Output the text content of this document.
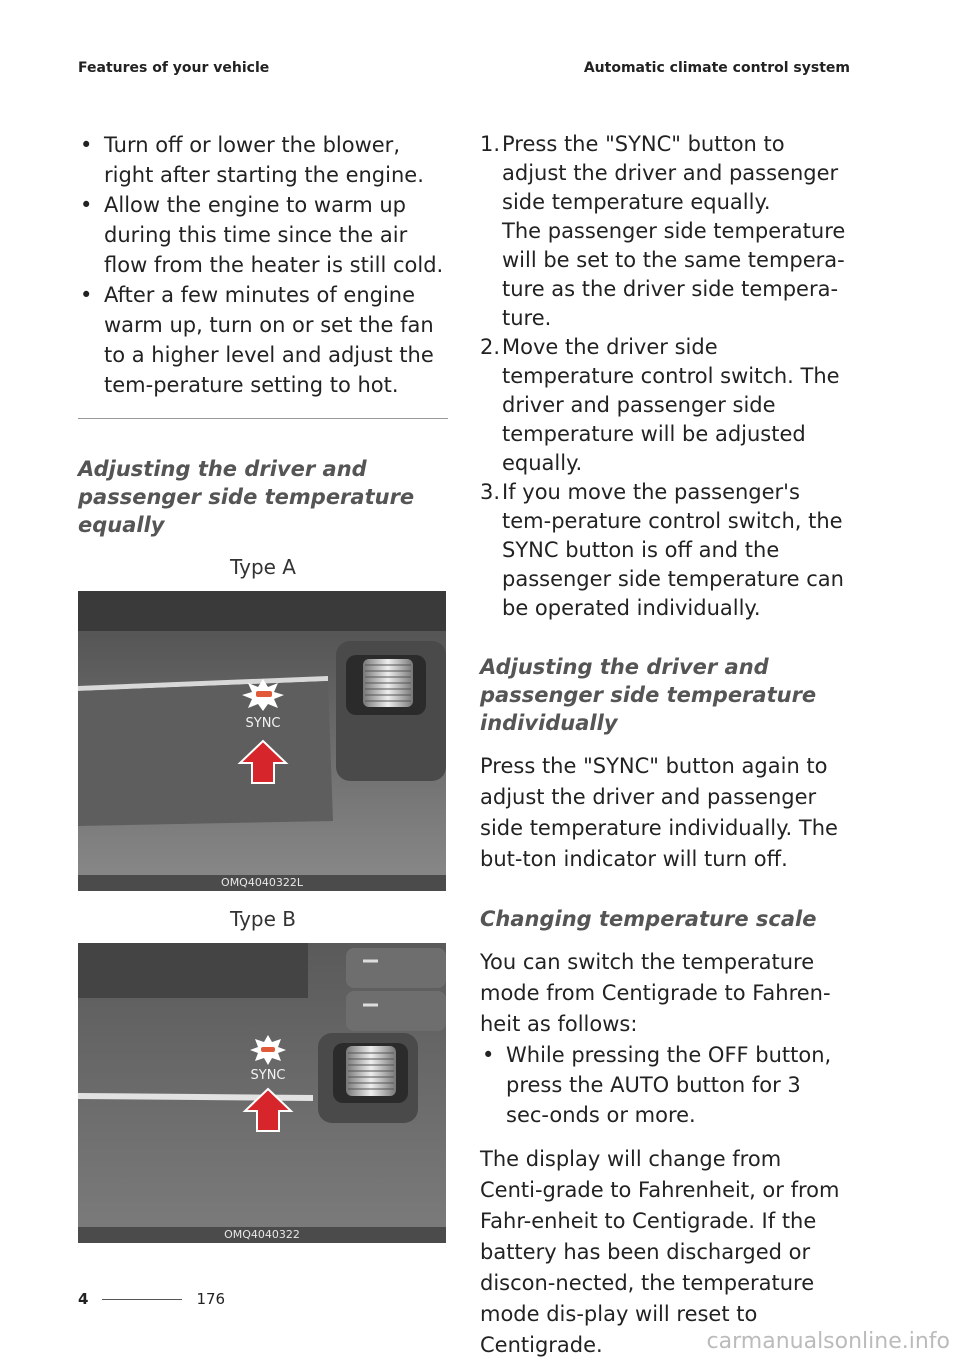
Features of your vehicle	Automatic climate control system
• Turn off or lower the blower, right after starting the engine.
• Allow the engine to warm up during this time since the air flow from the heater is still cold.
• After a few minutes of engine warm up, turn on or set the fan to a higher level and adjust the tem-perature setting to hot.
Adjusting the driver and passenger side temperature equally
Type A
SYNC
OMQ4040322L
Type B
SYNC
OMQ4040322
1. Press the "SYNC" button to adjust the driver and passenger side temperature equally.
The passenger side temperature will be set to the same tempera-ture as the driver side tempera-ture.
2. Move the driver side temperature control switch. The driver and passenger side temperature will be adjusted equally.
3. If you move the passenger's tem-perature control switch, the SYNC button is off and the passenger side temperature can be operated individually.
Adjusting the driver and passenger side temperature individually
Press the "SYNC" button again to adjust the driver and passenger side temperature individually. The but-ton indicator will turn off.
Changing temperature scale
You can switch the temperature mode from Centigrade to Fahren-heit as follows:
• While pressing the OFF button, press the AUTO button for 3 sec-onds or more.
The display will change from Centi-grade to Fahrenheit, or from Fahr-enheit to Centigrade. If the battery has been discharged or discon-nected, the temperature mode dis-play will reset to Centigrade.
4	176
carmanualsonline.info
